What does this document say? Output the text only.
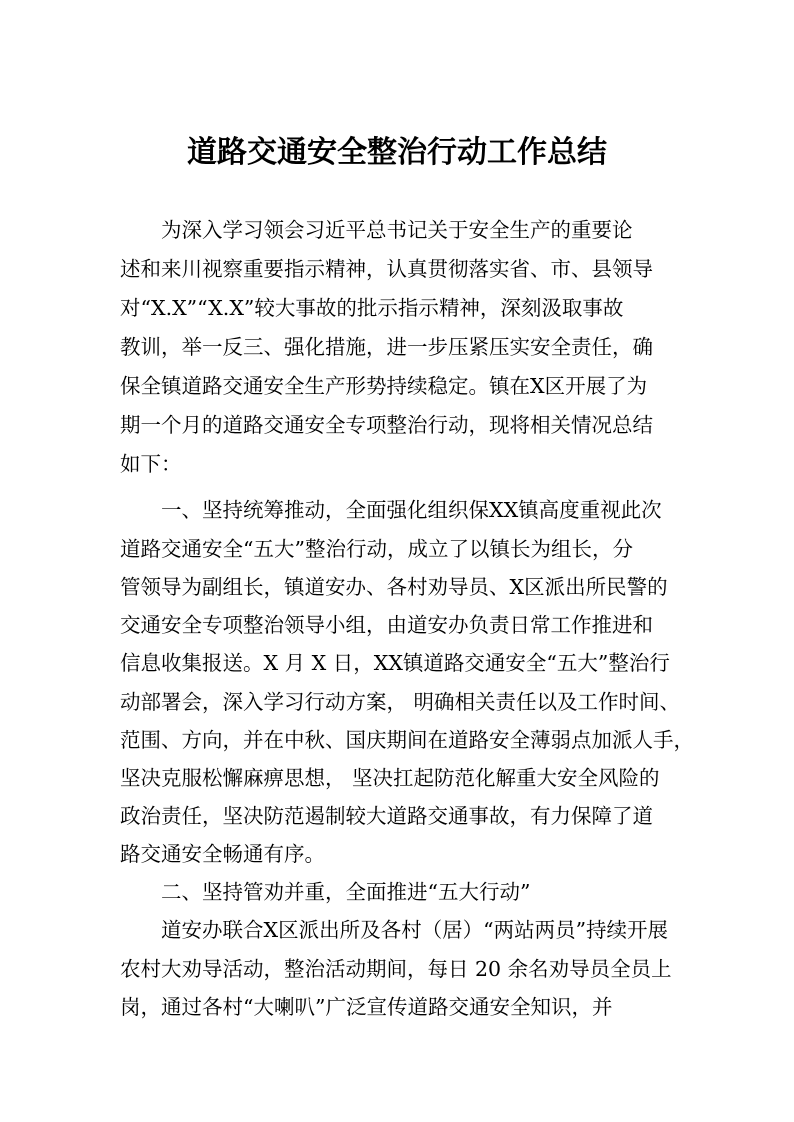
道路交通安全整治行动工作总结

　　为深入学习领会习近平总书记关于安全生产的重要论

述和来川视察重要指示精神，认真贯彻落实省、市、县领导

对“X.X”“X.X”较大事故的批示指示精神，深刻汲取事故

教训，举一反三、强化措施，进一步压紧压实安全责任，确

保全镇道路交通安全生产形势持续稳定。镇在X区开展了为

期一个月的道路交通安全专项整治行动，现将相关情况总结

如下：

　　一、坚持统筹推动，全面强化组织保XX镇高度重视此次

道路交通安全“五大”整治行动，成立了以镇长为组长，分

管领导为副组长，镇道安办、各村劝导员、X区派出所民警的

交通安全专项整治领导小组，由道安办负责日常工作推进和

信息收集报送。X 月 X 日，XX镇道路交通安全“五大”整治行

动部署会，深入学习行动方案， 明确相关责任以及工作时间、

范围、方向，并在中秋、国庆期间在道路安全薄弱点加派人手，

坚决克服松懈麻痹思想， 坚决扛起防范化解重大安全风险的

政治责任，坚决防范遏制较大道路交通事故，有力保障了道

路交通安全畅通有序。

　　二、坚持管劝并重，全面推进“五大行动”

　　道安办联合X区派出所及各村（居）“两站两员”持续开展

农村大劝导活动，整治活动期间，每日 20 余名劝导员全员上

岗，通过各村“大喇叭”广泛宣传道路交通安全知识，并
